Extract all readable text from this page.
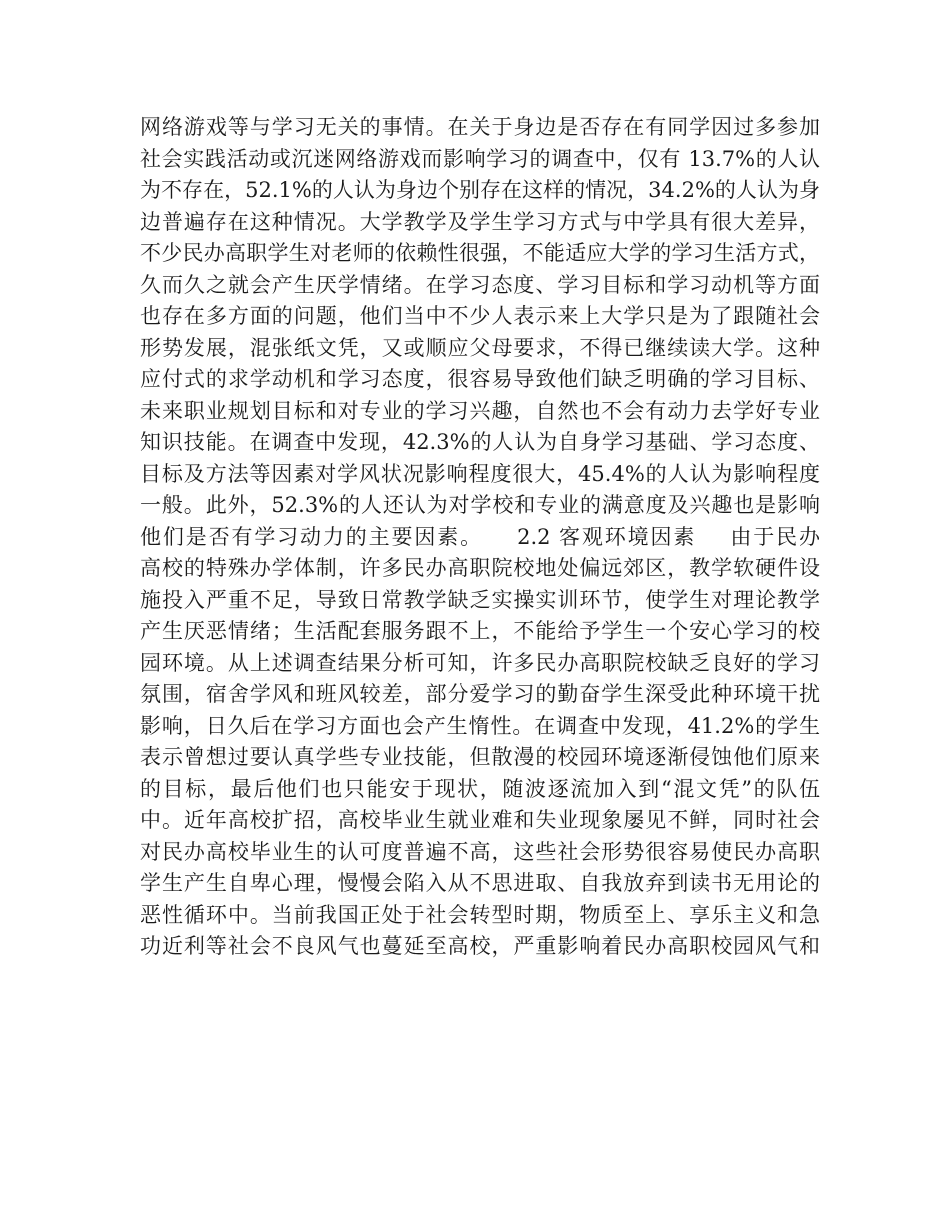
网络游戏等与学习无关的事情。在关于身边是否存在有同学因过多参加
社会实践活动或沉迷网络游戏而影响学习的调查中，仅有 13.7%的人认
为不存在，52.1%的人认为身边个别存在这样的情况，34.2%的人认为身
边普遍存在这种情况。大学教学及学生学习方式与中学具有很大差异，
不少民办高职学生对老师的依赖性很强，不能适应大学的学习生活方式，
久而久之就会产生厌学情绪。在学习态度、学习目标和学习动机等方面
也存在多方面的问题，他们当中不少人表示来上大学只是为了跟随社会
形势发展，混张纸文凭，又或顺应父母要求，不得已继续读大学。这种
应付式的求学动机和学习态度，很容易导致他们缺乏明确的学习目标、
未来职业规划目标和对专业的学习兴趣，自然也不会有动力去学好专业
知识技能。在调查中发现，42.3%的人认为自身学习基础、学习态度、
目标及方法等因素对学风状况影响程度很大，45.4%的人认为影响程度
一般。此外，52.3%的人还认为对学校和专业的满意度及兴趣也是影响
他们是否有学习动力的主要因素。    2.2 客观环境因素    由于民办
高校的特殊办学体制，许多民办高职院校地处偏远郊区，教学软硬件设
施投入严重不足，导致日常教学缺乏实操实训环节，使学生对理论教学
产生厌恶情绪；生活配套服务跟不上，不能给予学生一个安心学习的校
园环境。从上述调查结果分析可知，许多民办高职院校缺乏良好的学习
氛围，宿舍学风和班风较差，部分爱学习的勤奋学生深受此种环境干扰
影响，日久后在学习方面也会产生惰性。在调查中发现，41.2%的学生
表示曾想过要认真学些专业技能，但散漫的校园环境逐渐侵蚀他们原来
的目标，最后他们也只能安于现状，随波逐流加入到“混文凭”的队伍
中。近年高校扩招，高校毕业生就业难和失业现象屡见不鲜，同时社会
对民办高校毕业生的认可度普遍不高，这些社会形势很容易使民办高职
学生产生自卑心理，慢慢会陷入从不思进取、自我放弃到读书无用论的
恶性循环中。当前我国正处于社会转型时期，物质至上、享乐主义和急
功近利等社会不良风气也蔓延至高校，严重影响着民办高职校园风气和
